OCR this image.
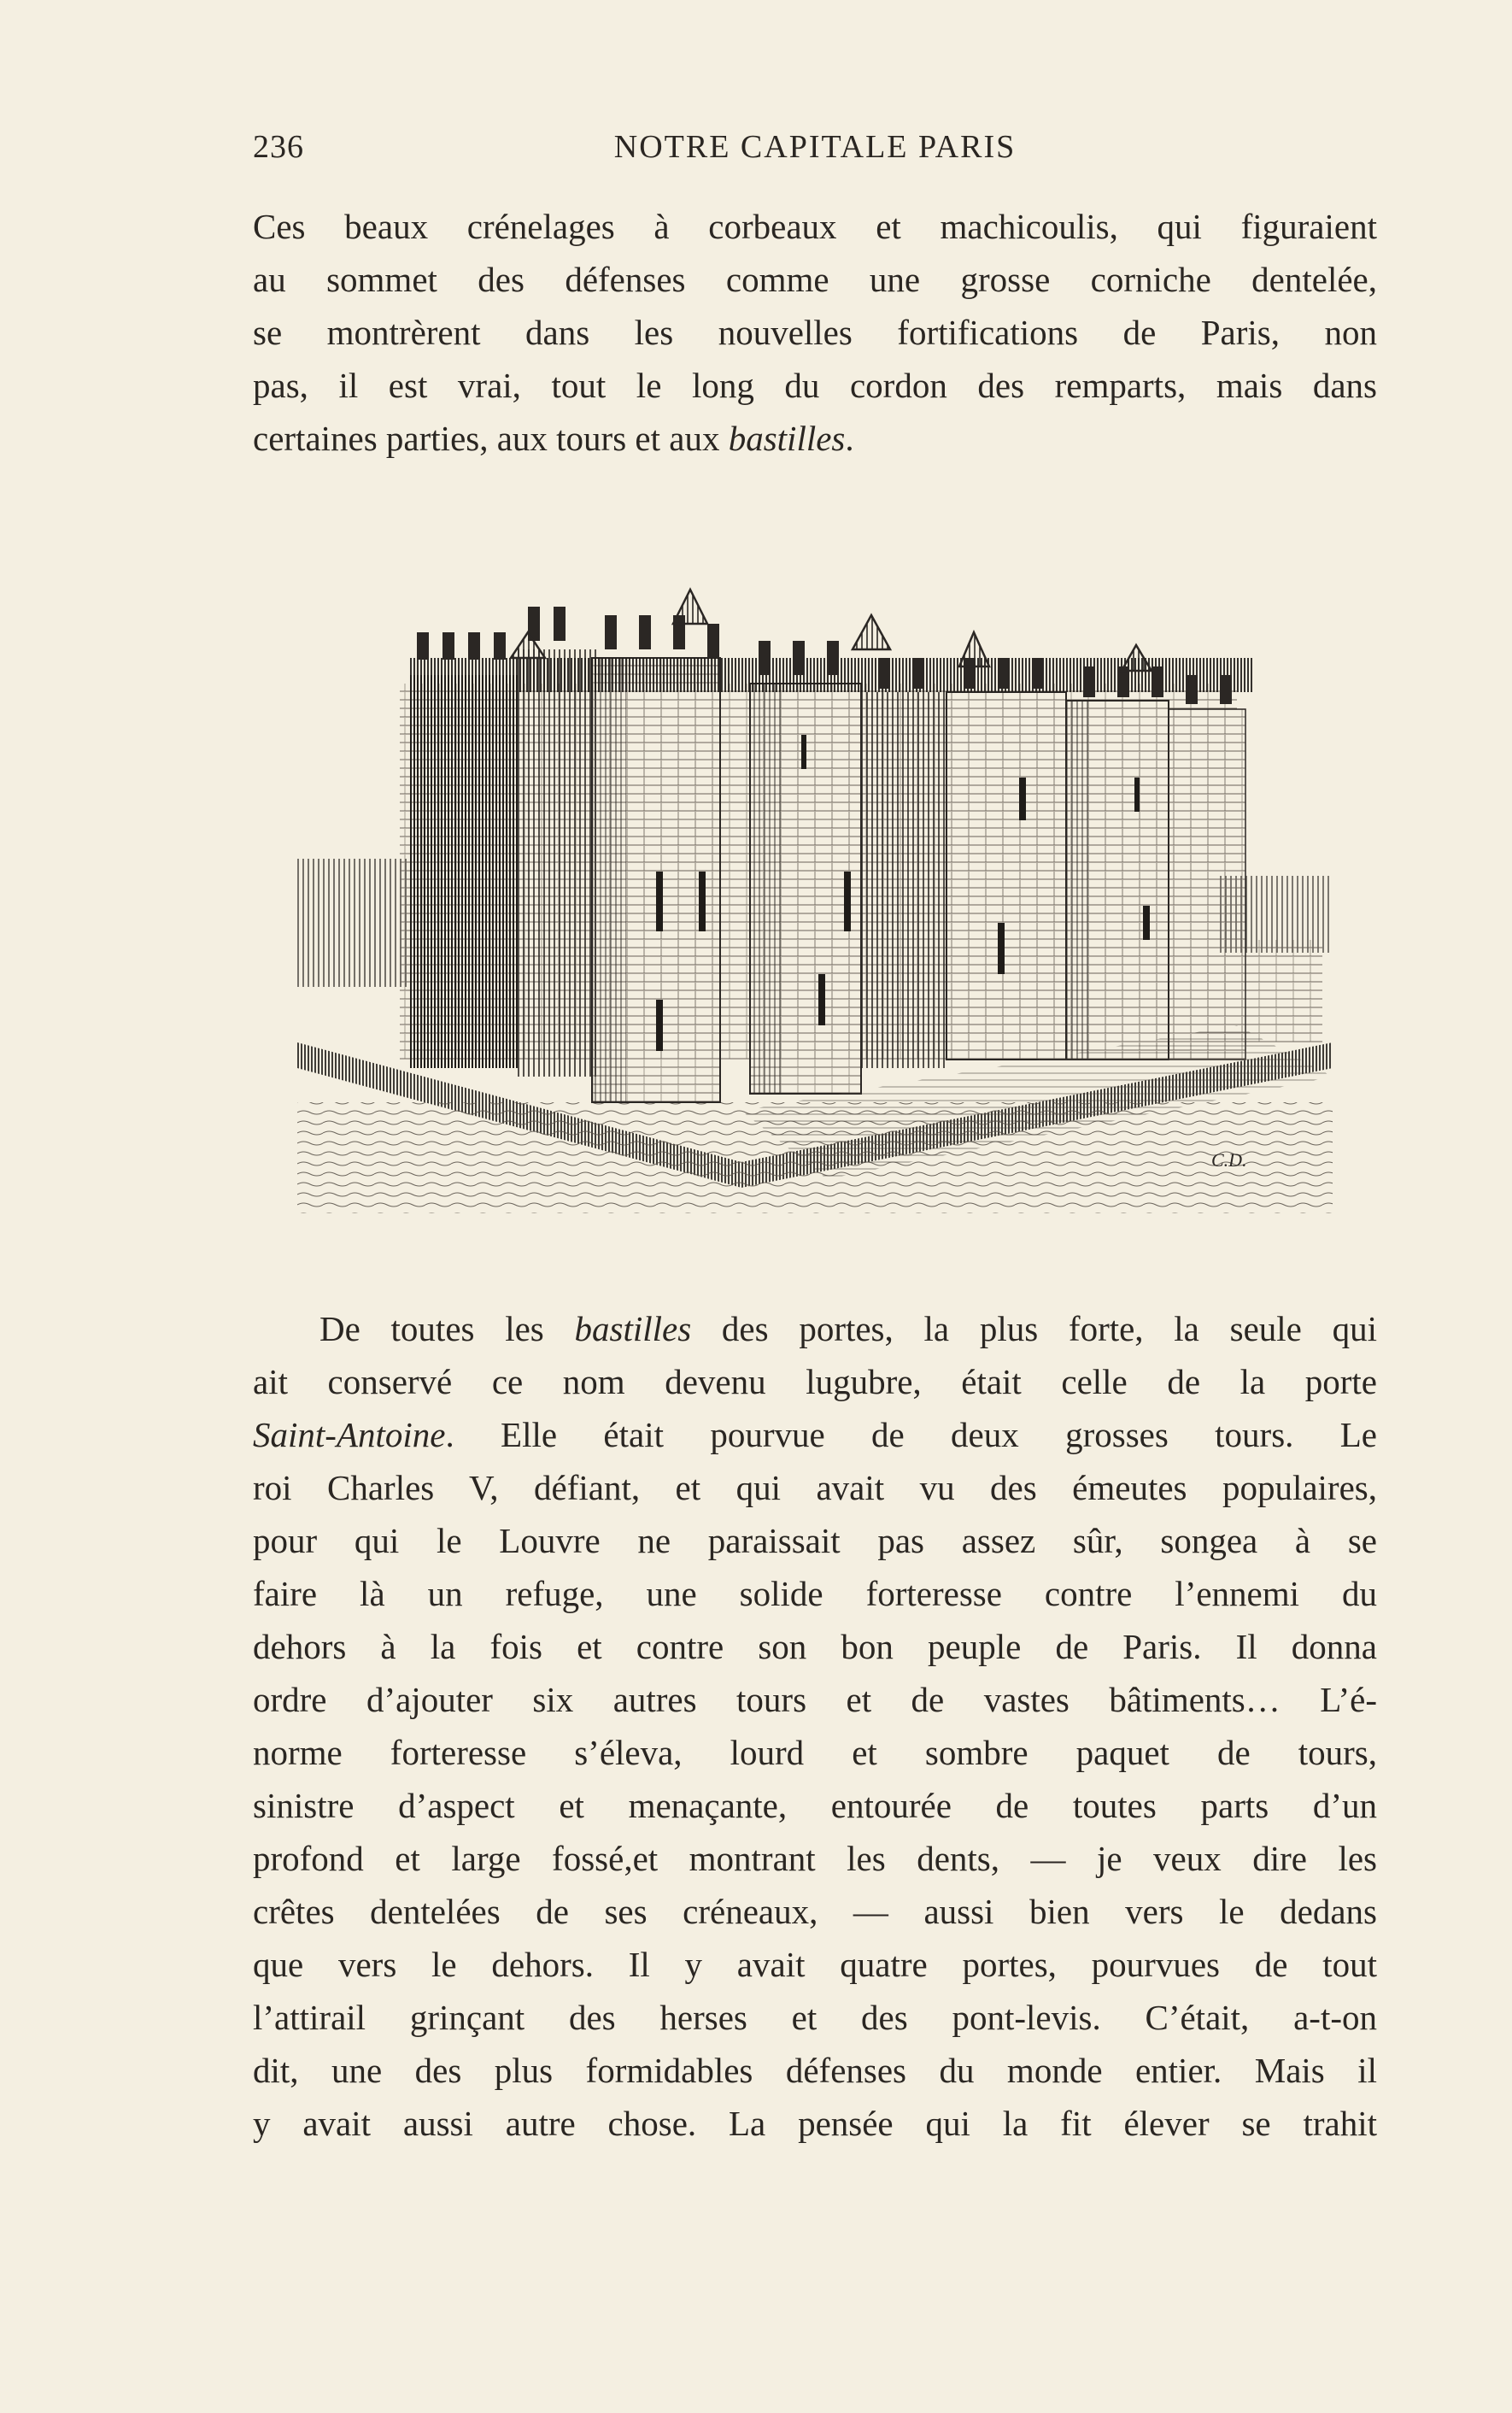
236	NOTRE CAPITALE PARIS
Ces beaux crénelages à corbeaux et machicoulis, qui figuraient
au sommet des défenses comme une grosse corniche dentelée,
se montrèrent dans les nouvelles fortifications de Paris, non
pas, il est vrai, tout le long du cordon des remparts, mais dans
certaines parties, aux tours et aux bastilles.
C.D.
De toutes les bastilles des portes, la plus forte, la seule qui
ait conservé ce nom devenu lugubre, était celle de la porte
Saint-Antoine. Elle était pourvue de deux grosses tours. Le
roi Charles V, défiant, et qui avait vu des émeutes populaires,
pour qui le Louvre ne paraissait pas assez sûr, songea à se
faire là un refuge, une solide forteresse contre l’ennemi du
dehors à la fois et contre son bon peuple de Paris. Il donna
ordre d’ajouter six autres tours et de vastes bâtiments… L’é-
norme forteresse s’éleva, lourd et sombre paquet de tours,
sinistre d’aspect et menaçante, entourée de toutes parts d’un
profond et large fossé,et montrant les dents, — je veux dire les
crêtes dentelées de ses créneaux, — aussi bien vers le dedans
que vers le dehors. Il y avait quatre portes, pourvues de tout
l’attirail grinçant des herses et des pont-levis. C’était, a-t-on
dit, une des plus formidables défenses du monde entier. Mais il
y avait aussi autre chose. La pensée qui la fit élever se trahit
